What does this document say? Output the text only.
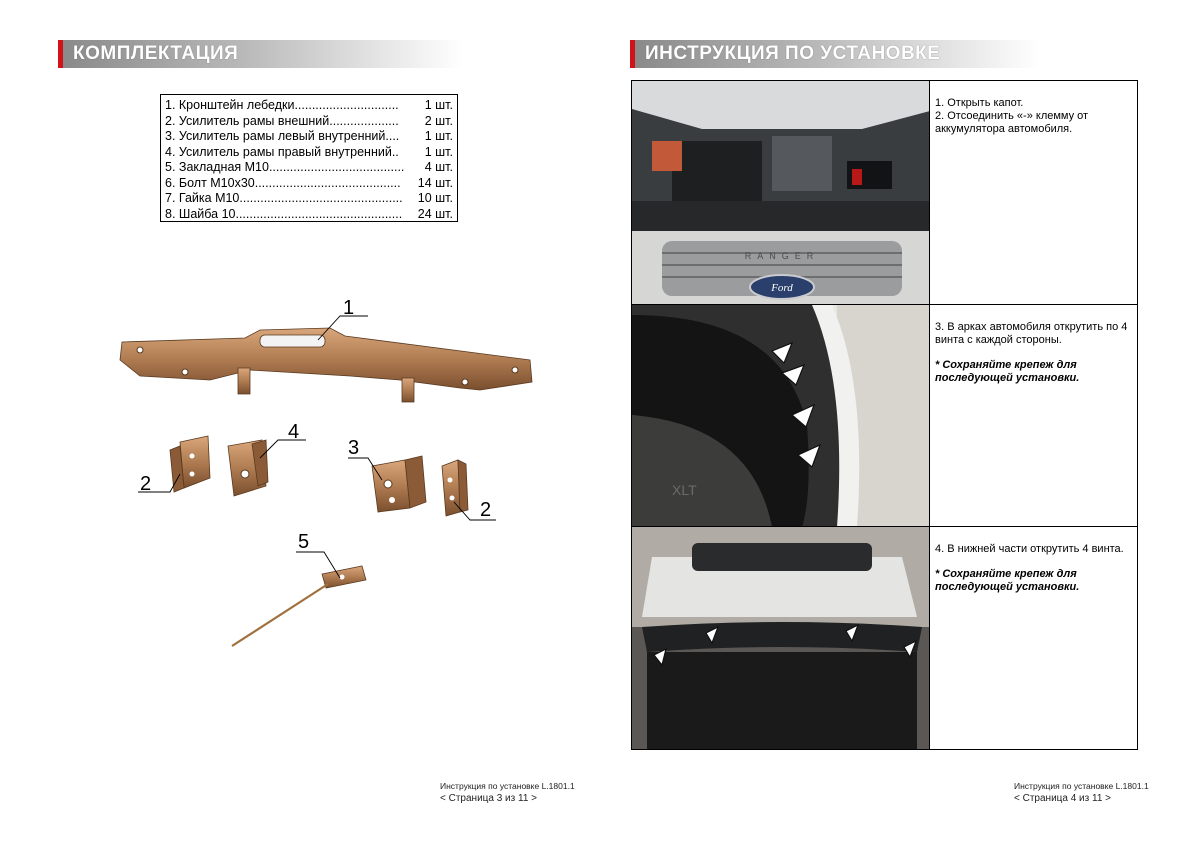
КОМПЛЕКТАЦИЯ
1. Кронштейн лебедки..............................	1 шт.
2. Усилитель рамы внешний....................	2 шт.
3. Усилитель рамы левый внутренний....	1 шт.
4. Усилитель рамы правый внутренний..	1 шт.
5. Закладная М10.......................................	4 шт.
6. Болт М10х30..........................................	14 шт.
7. Гайка М10...............................................	10 шт.
8. Шайба 10................................................	24 шт.
1
4
3
2
2
5
Инструкция по установке L.1801.1
< Страница 3 из 11 >
ИНСТРУКЦИЯ ПО УСТАНОВКЕ
RANGER
Ford

1. Открыть капот.

2. Отсоединить «-» клемму от аккумулятора автомобиля.

XLT

3. В арках автомобиля открутить по 4 винта с каждой стороны.

* Сохраняйте крепеж для последующей установки.

4. В нижней части открутить 4 винта.

* Сохраняйте крепеж для последующей установки.

Инструкция по установке L.1801.1
< Страница 4 из 11 >
